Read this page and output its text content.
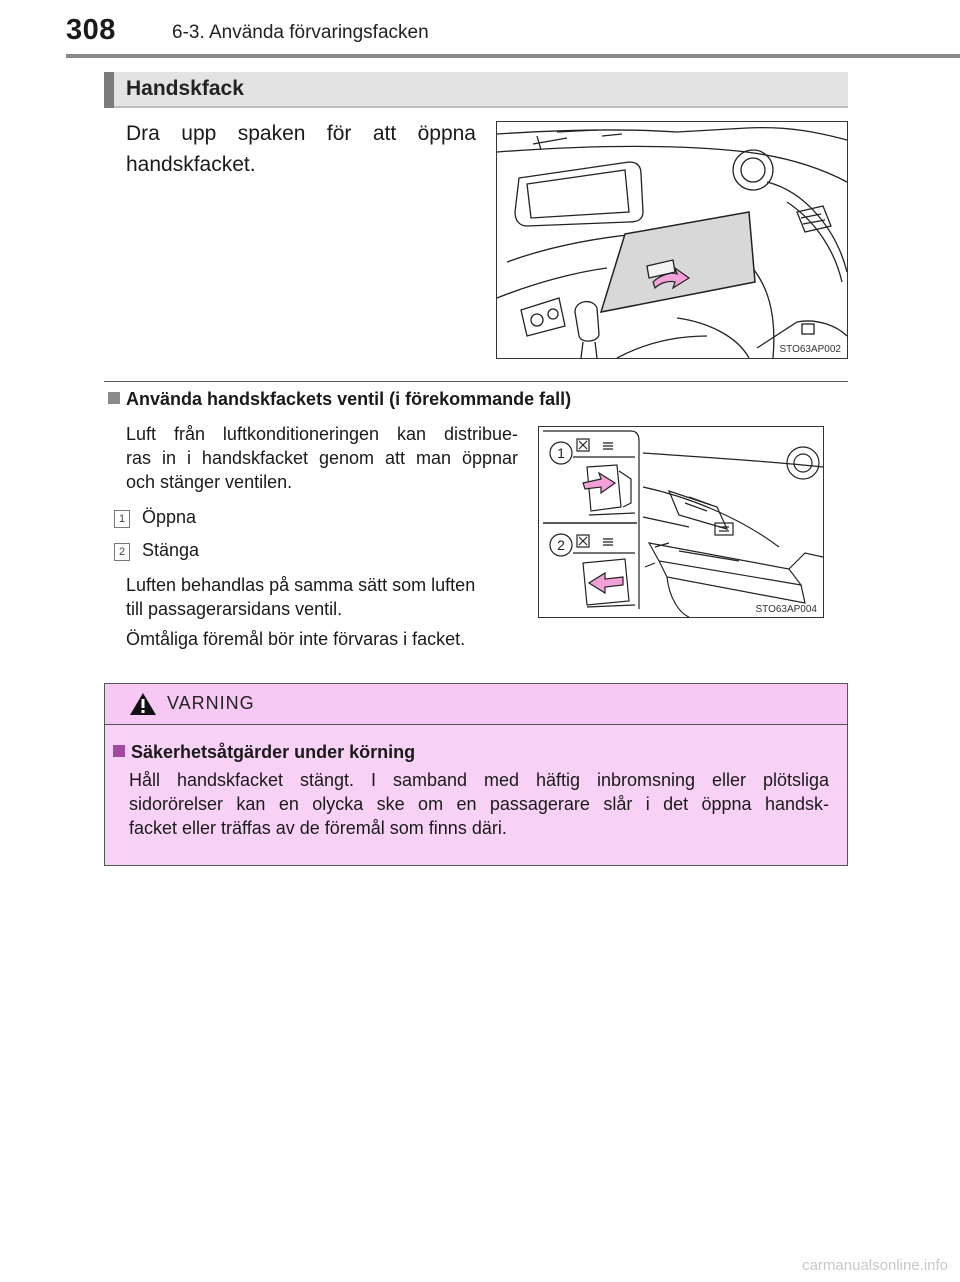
308	6-3. Använda förvaringsfacken
Handskfack
Dra upp spaken för att öppna
handskfacket.
STO63AP002
Använda handskfackets ventil (i förekommande fall)
Luft från luftkonditioneringen kan distribue-
ras in i handskfacket genom att man öppnar
och stänger ventilen.
1 Öppna
2 Stänga
Luften behandlas på samma sätt som luften
till passagerarsidans ventil.
Ömtåliga föremål bör inte förvaras i facket.
1
2
STO63AP004
VARNING
Säkerhetsåtgärder under körning
Håll handskfacket stängt. I samband med häftig inbromsning eller plötsliga
sidorörelser kan en olycka ske om en passagerare slår i det öppna handsk-
facket eller träffas av de föremål som finns däri.
carmanualsonline.info
